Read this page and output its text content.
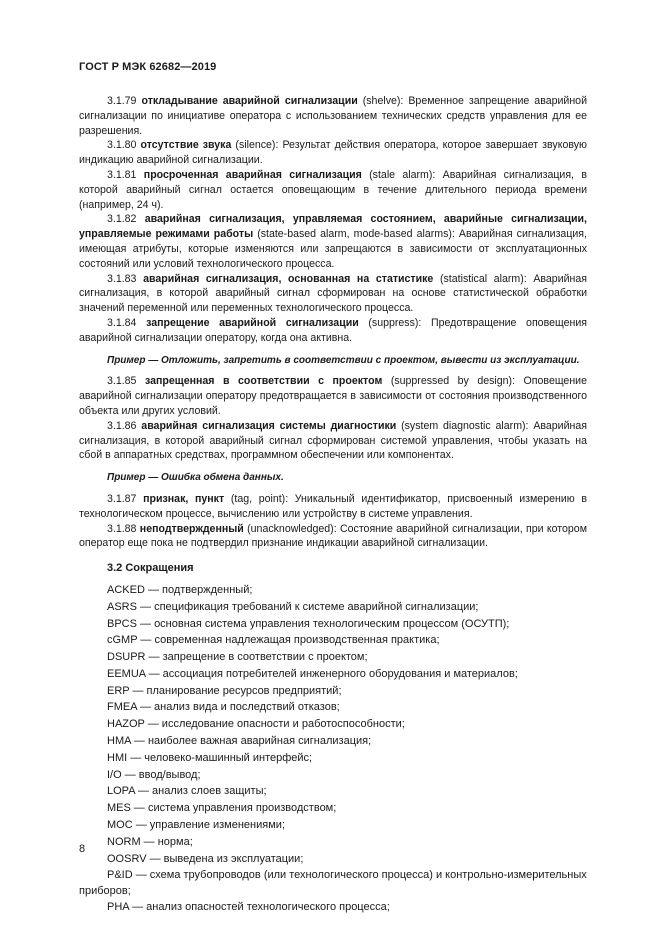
ГОСТ Р МЭК 62682—2019

3.1.79 откладывание аварийной сигнализации (shelve): Временное запрещение аварийной сигнализации по инициативе оператора с использованием технических средств управления для ее разрешения.

3.1.80 отсутствие звука (silence): Результат действия оператора, которое завершает звуковую индикацию аварийной сигнализации.

3.1.81 просроченная аварийная сигнализация (stale alarm): Аварийная сигнализация, в которой аварийный сигнал остается оповещающим в течение длительного периода времени (например, 24 ч).

3.1.82 аварийная сигнализация, управляемая состоянием, аварийные сигнализации, управляемые режимами работы (state-based alarm, mode-based alarms): Аварийная сигнализация, имеющая атрибуты, которые изменяются или запрещаются в зависимости от эксплуатационных состояний или условий технологического процесса.

3.1.83 аварийная сигнализация, основанная на статистике (statistical alarm): Аварийная сигнализация, в которой аварийный сигнал сформирован на основе статистической обработки значений переменной или переменных технологического процесса.

3.1.84 запрещение аварийной сигнализации (suppress): Предотвращение оповещения аварийной сигнализации оператору, когда она активна.

Пример — Отложить, запретить в соответствии с проектом, вывести из эксплуатации.

3.1.85 запрещенная в соответствии с проектом (suppressed by design): Оповещение аварийной сигнализации оператору предотвращается в зависимости от состояния производственного объекта или других условий.

3.1.86 аварийная сигнализация системы диагностики (system diagnostic alarm): Аварийная сигнализация, в которой аварийный сигнал сформирован системой управления, чтобы указать на сбой в аппаратных средствах, программном обеспечении или компонентах.

Пример — Ошибка обмена данных.

3.1.87 признак, пункт (tag, point): Уникальный идентификатор, присвоенный измерению в технологическом процессе, вычислению или устройству в системе управления.

3.1.88 неподтвержденный (unacknowledged): Состояние аварийной сигнализации, при котором оператор еще пока не подтвердил признание индикации аварийной сигнализации.

3.2 Сокращения
ACKED — подтвержденный;
ASRS — спецификация требований к системе аварийной сигнализации;
BPCS — основная система управления технологическим процессом (ОСУТП);
cGMP — современная надлежащая производственная практика;
DSUPR — запрещение в соответствии с проектом;
EEMUA — ассоциация потребителей инженерного оборудования и материалов;
ERP — планирование ресурсов предприятий;
FMEA — анализ вида и последствий отказов;
HAZOP — исследование опасности и работоспособности;
HMA — наиболее важная аварийная сигнализация;
HMI — человеко-машинный интерфейс;
I/O — ввод/вывод;
LOPA — анализ слоев защиты;
MES — система управления производством;
MOC — управление изменениями;
NORM — норма;
OOSRV — выведена из эксплуатации;
P&ID — схема трубопроводов (или технологического процесса) и контрольно-измерительных приборов;
PHA — анализ опасностей технологического процесса;
8
